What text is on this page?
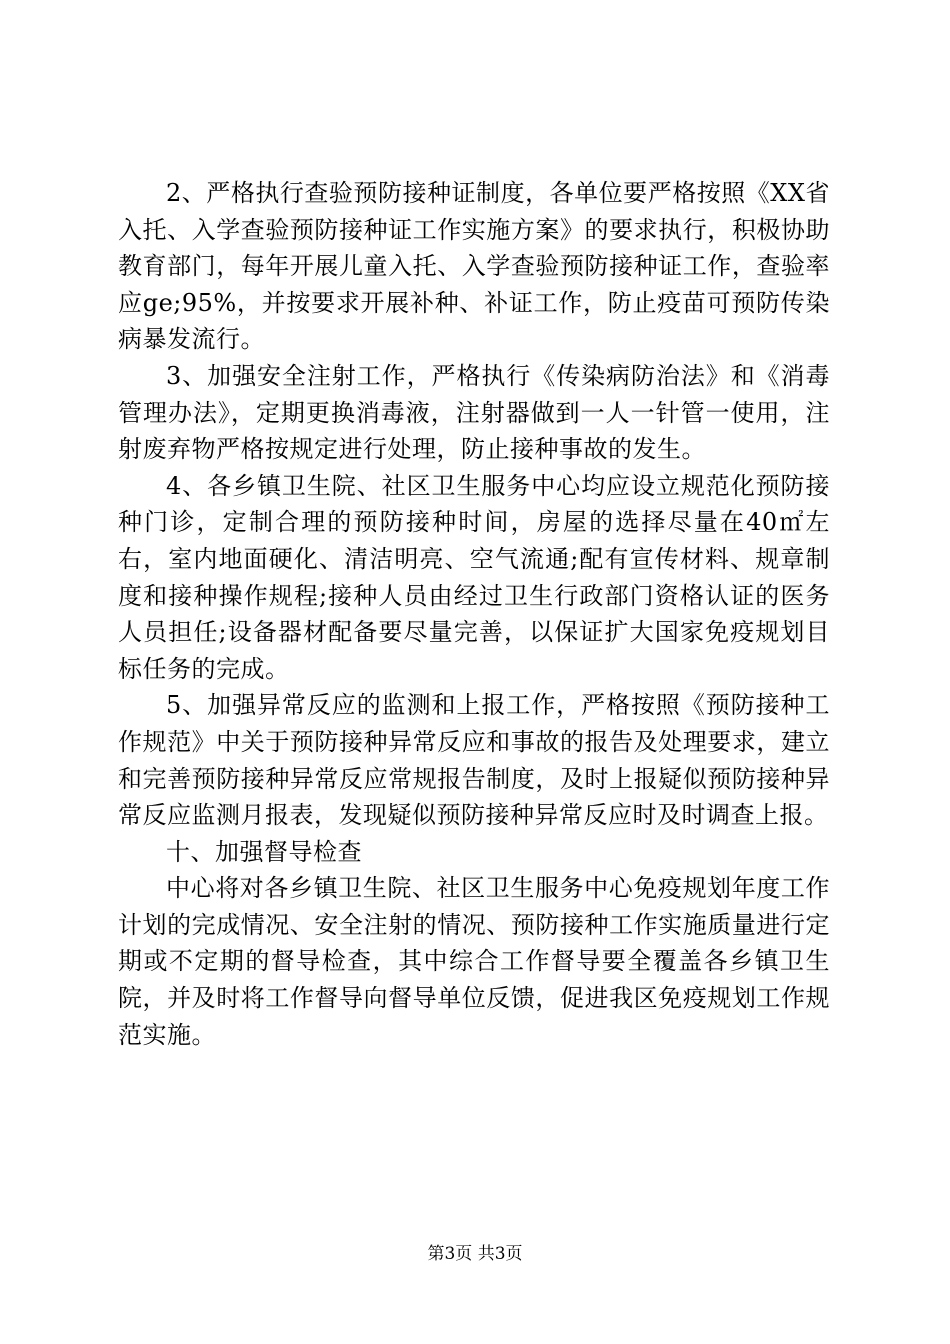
2、严格执行查验预防接种证制度，各单位要严格按照《XX省入托、入学查验预防接种证工作实施方案》的要求执行，积极协助教育部门，每年开展儿童入托、入学查验预防接种证工作，查验率应ge;95%，并按要求开展补种、补证工作，防止疫苗可预防传染病暴发流行。

3、加强安全注射工作，严格执行《传染病防治法》和《消毒管理办法》，定期更换消毒液，注射器做到一人一针管一使用，注射废弃物严格按规定进行处理，防止接种事故的发生。

4、各乡镇卫生院、社区卫生服务中心均应设立规范化预防接种门诊，定制合理的预防接种时间，房屋的选择尽量在40㎡左右，室内地面硬化、清洁明亮、空气流通;配有宣传材料、规章制度和接种操作规程;接种人员由经过卫生行政部门资格认证的医务人员担任;设备器材配备要尽量完善，以保证扩大国家免疫规划目标任务的完成。

5、加强异常反应的监测和上报工作，严格按照《预防接种工作规范》中关于预防接种异常反应和事故的报告及处理要求，建立和完善预防接种异常反应常规报告制度，及时上报疑似预防接种异常反应监测月报表，发现疑似预防接种异常反应时及时调查上报。

十、加强督导检查

中心将对各乡镇卫生院、社区卫生服务中心免疫规划年度工作计划的完成情况、安全注射的情况、预防接种工作实施质量进行定期或不定期的督导检查，其中综合工作督导要全覆盖各乡镇卫生院，并及时将工作督导向督导单位反馈，促进我区免疫规划工作规范实施。

第3页 共3页
